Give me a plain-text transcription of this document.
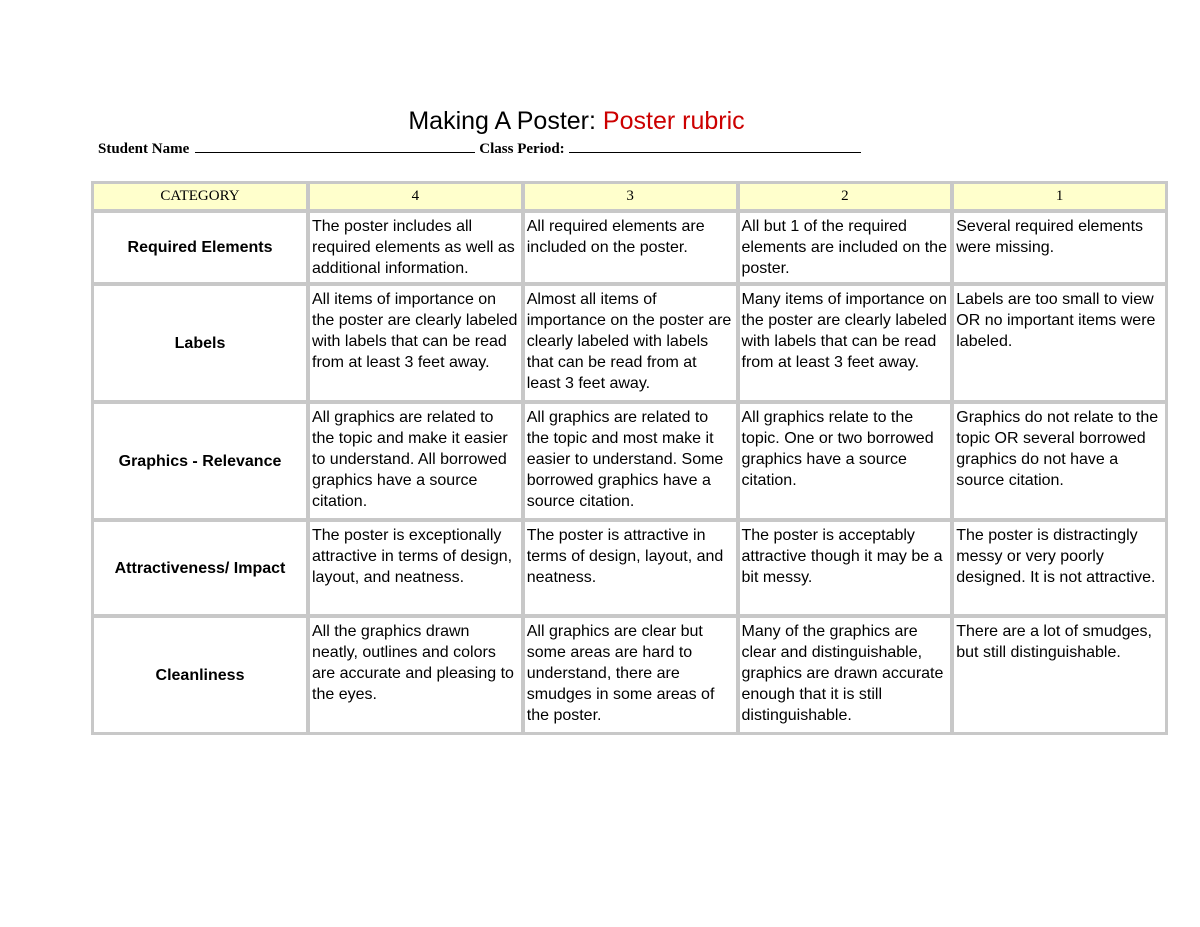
Making A Poster: Poster rubric
Student Name	Class Period:
CATEGORY	4	3	2	1
Required Elements	The poster includes all required elements as well as additional information.	All required elements are included on the poster.	All but 1 of the required elements are included on the poster.	Several required elements were missing.
Labels	All items of importance on the poster are clearly labeled with labels that can be read from at least 3 feet away.	Almost all items of importance on the poster are clearly labeled with labels that can be read from at least 3 feet away.	Many items of importance on the poster are clearly labeled with labels that can be read from at least 3 feet away.	Labels are too small to view OR no important items were labeled.
Graphics - Relevance	All graphics are related to the topic and make it easier to understand. All borrowed graphics have a source citation.	All graphics are related to the topic and most make it easier to understand. Some borrowed graphics have a source citation.	All graphics relate to the topic. One or two borrowed graphics have a source citation.	Graphics do not relate to the topic OR several borrowed graphics do not have a source citation.
Attractiveness/ Impact	The poster is exceptionally attractive in terms of design, layout, and neatness.	The poster is attractive in terms of design, layout, and neatness.	The poster is acceptably attractive though it may be a bit messy.	The poster is distractingly messy or very poorly designed. It is not attractive.
Cleanliness	All the graphics drawn neatly, outlines and colors are accurate and pleasing to the eyes.	All graphics are clear but some areas are hard to understand, there are smudges in some areas of the poster.	Many of the graphics are clear and distinguishable, graphics are drawn accurate enough that it is still distinguishable.	There are a lot of smudges, but still distinguishable.
